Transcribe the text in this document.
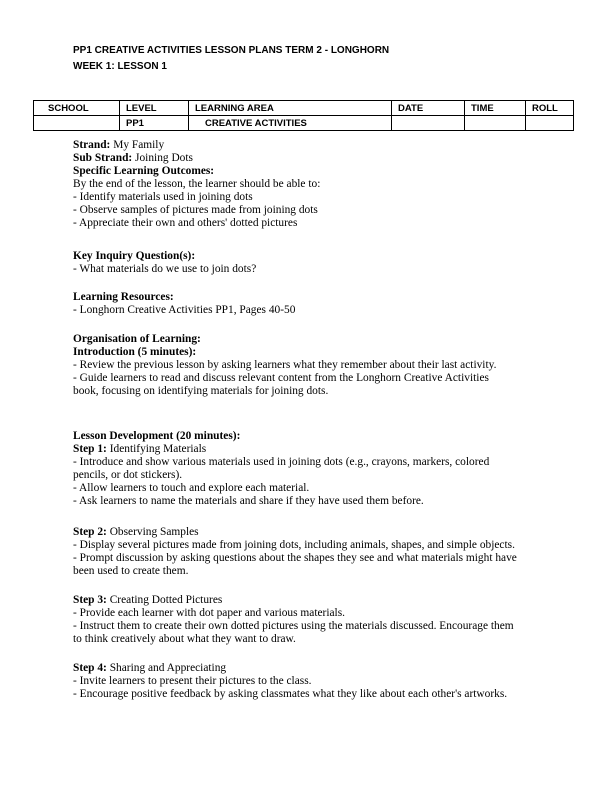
PP1 CREATIVE ACTIVITIES LESSON PLANS TERM 2 - LONGHORN
WEEK 1: LESSON 1
SCHOOL	LEVEL	LEARNING AREA	DATE	TIME	ROLL
	PP1	CREATIVE ACTIVITIES			
Strand: My Family
Sub Strand: Joining Dots
Specific Learning Outcomes:
By the end of the lesson, the learner should be able to:
- Identify materials used in joining dots
- Observe samples of pictures made from joining dots
- Appreciate their own and others' dotted pictures
Key Inquiry Question(s):
- What materials do we use to join dots?
Learning Resources:
- Longhorn Creative Activities PP1, Pages 40-50
Organisation of Learning:
Introduction (5 minutes):
- Review the previous lesson by asking learners what they remember about their last activity.
- Guide learners to read and discuss relevant content from the Longhorn Creative Activities
book, focusing on identifying materials for joining dots.
Lesson Development (20 minutes):
Step 1: Identifying Materials
- Introduce and show various materials used in joining dots (e.g., crayons, markers, colored
pencils, or dot stickers).
- Allow learners to touch and explore each material.
- Ask learners to name the materials and share if they have used them before.
Step 2: Observing Samples
- Display several pictures made from joining dots, including animals, shapes, and simple objects.
- Prompt discussion by asking questions about the shapes they see and what materials might have
been used to create them.
Step 3: Creating Dotted Pictures
- Provide each learner with dot paper and various materials.
- Instruct them to create their own dotted pictures using the materials discussed. Encourage them
to think creatively about what they want to draw.
Step 4: Sharing and Appreciating
- Invite learners to present their pictures to the class.
- Encourage positive feedback by asking classmates what they like about each other's artworks.
